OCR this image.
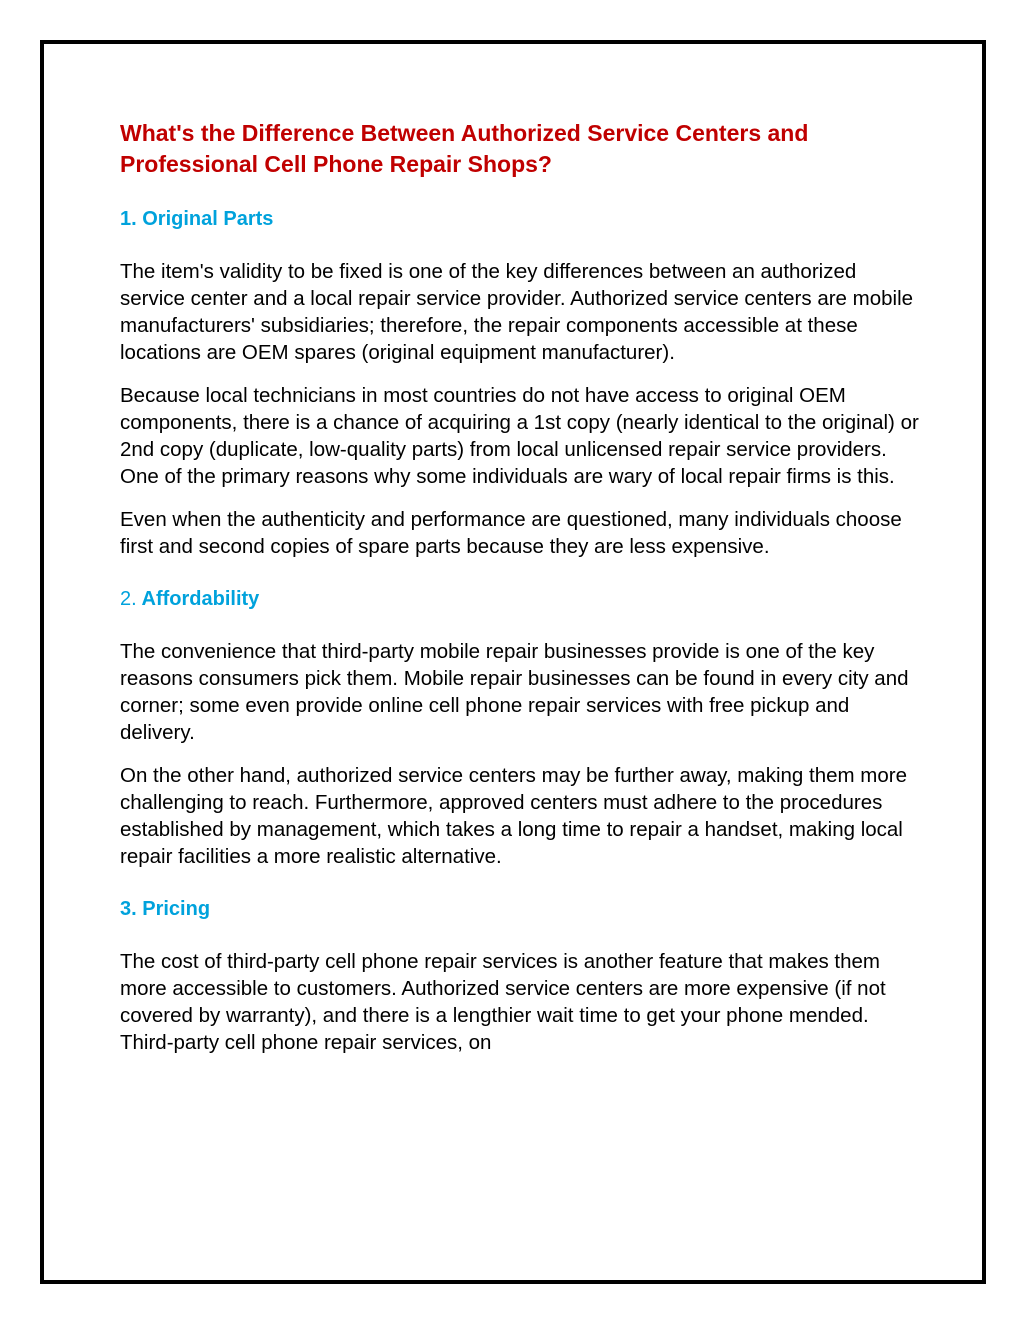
What's the Difference Between Authorized Service Centers and Professional Cell Phone Repair Shops?
1. Original Parts

The item's validity to be fixed is one of the key differences between an authorized service center and a local repair service provider. Authorized service centers are mobile manufacturers' subsidiaries; therefore, the repair components accessible at these locations are OEM spares (original equipment manufacturer).

Because local technicians in most countries do not have access to original OEM components, there is a chance of acquiring a 1st copy (nearly identical to the original) or 2nd copy (duplicate, low-quality parts) from local unlicensed repair service providers. One of the primary reasons why some individuals are wary of local repair firms is this.

Even when the authenticity and performance are questioned, many individuals choose first and second copies of spare parts because they are less expensive.

2. Affordability

The convenience that third-party mobile repair businesses provide is one of the key reasons consumers pick them. Mobile repair businesses can be found in every city and corner; some even provide online cell phone repair services with free pickup and delivery.

On the other hand, authorized service centers may be further away, making them more challenging to reach. Furthermore, approved centers must adhere to the procedures established by management, which takes a long time to repair a handset, making local repair facilities a more realistic alternative.

3. Pricing

The cost of third-party cell phone repair services is another feature that makes them more accessible to customers. Authorized service centers are more expensive (if not covered by warranty), and there is a lengthier wait time to get your phone mended. Third-party cell phone repair services, on
